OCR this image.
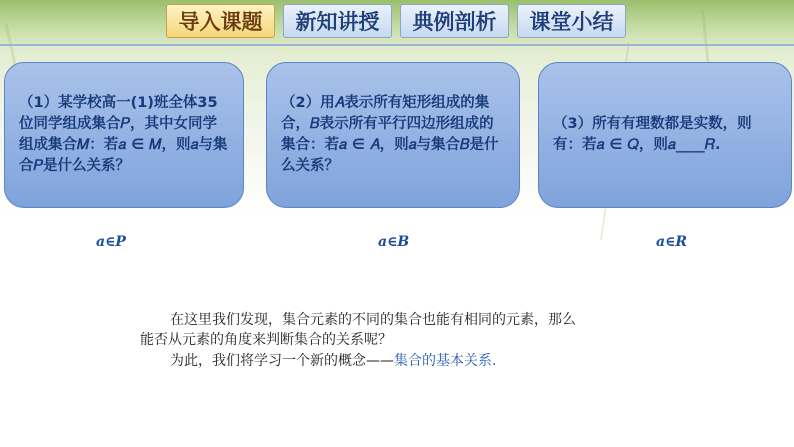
导入课题	新知讲授	典例剖析	课堂小结
（1）某学校高一(1)班全体35位同学组成集合𝑃，其中女同学组成集合𝑀：若𝑎 ∈ 𝑀，则𝑎与集合𝑃是什么关系？
（2）用𝐴表示所有矩形组成的集合，𝐵表示所有平行四边形组成的集合：若𝑎 ∈ 𝐴，则𝑎与集合𝐵是什么关系？
（3）所有有理数都是实数，则有：若𝑎 ∈ 𝑄，则𝑎____𝑅.
a∈P	a∈B	a∈R
在这里我们发现，集合元素的不同的集合也能有相同的元素，那么
能否从元素的角度来判断集合的关系呢？
为此，我们将学习一个新的概念——集合的基本关系.
